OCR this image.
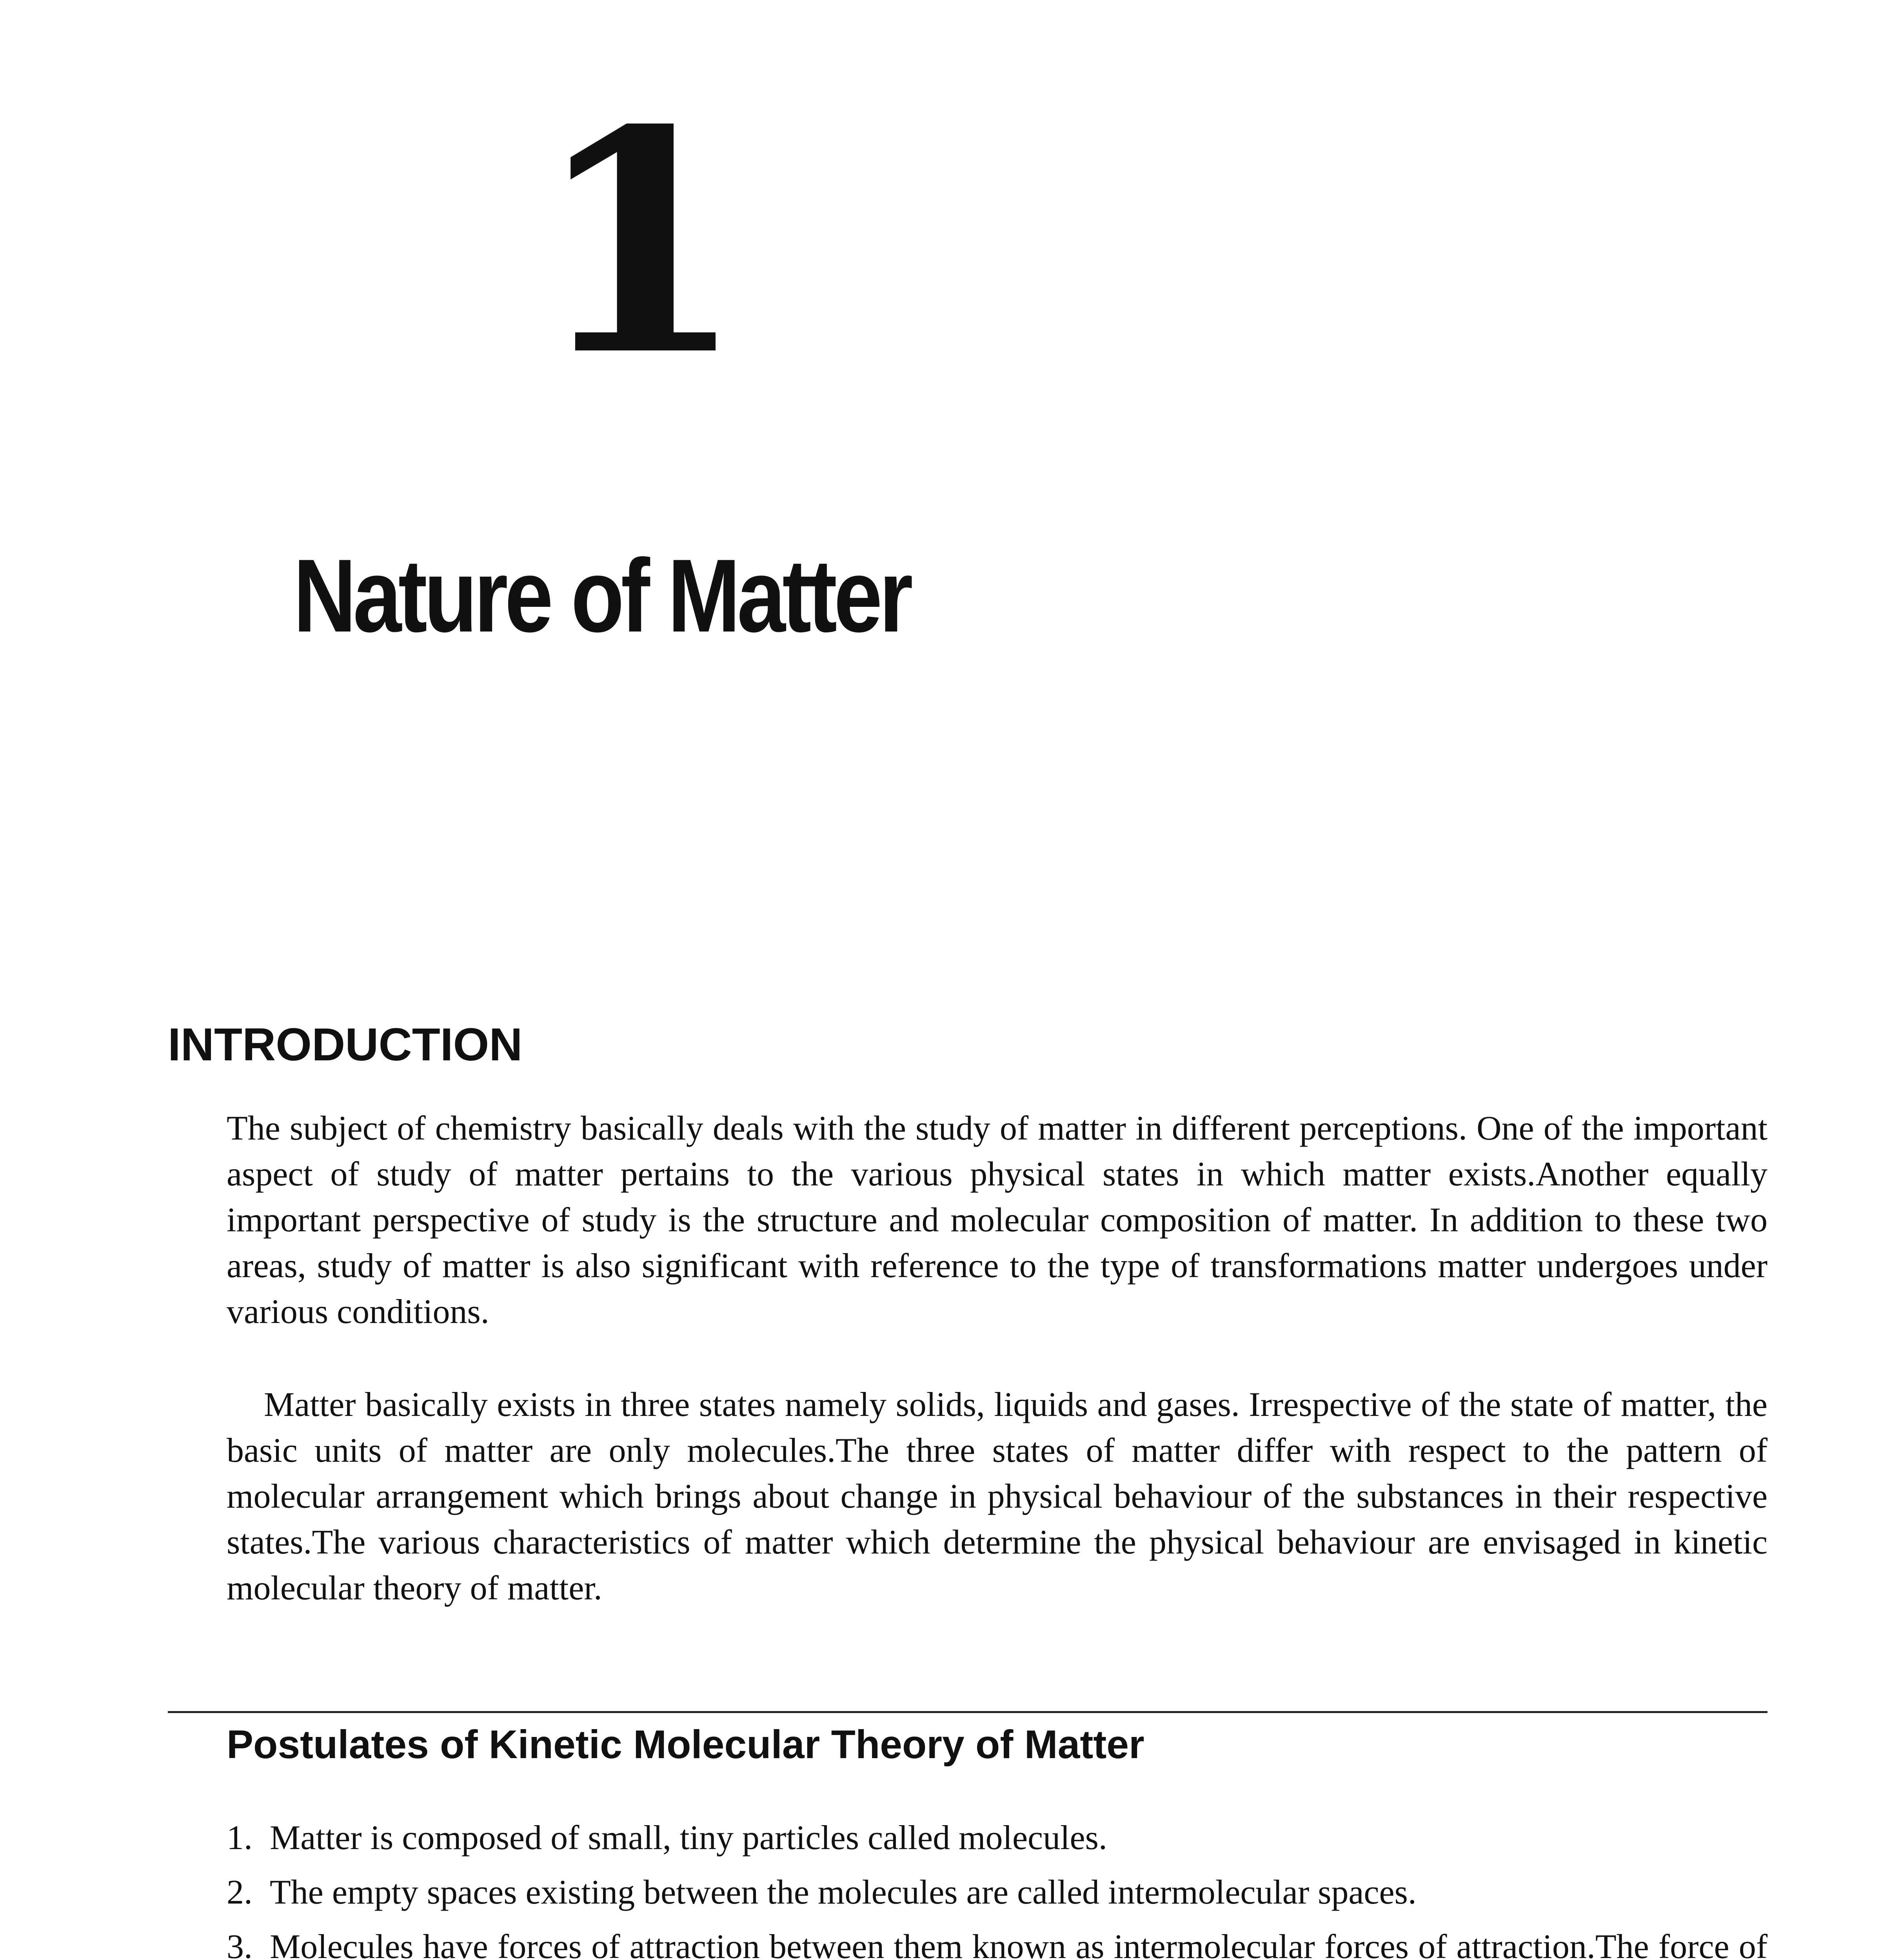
1
Nature of Matter
INTRODUCTION

The subject of chemistry basically deals with the study of matter in different perceptions. One of the important aspect of study of matter pertains to the various physical states in which matter exists.Another equally important perspective of study is the structure and molecular composition of matter. In addition to these two areas, study of matter is also significant with reference to the type of transformations matter undergoes under various conditions.

Matter basically exists in three states namely solids, liquids and gases. Irrespective of the state of matter, the basic units of matter are only molecules.The three states of matter differ with respect to the pattern of molecular arrangement which brings about change in physical behaviour of the substances in their respective states.The various characteristics of matter which determine the physical behaviour are envisaged in kinetic molecular theory of matter.

Postulates of Kinetic Molecular Theory of Matter
1. Matter is composed of small, tiny particles called molecules.
2. The empty spaces existing between the molecules are called intermolecular spaces.
3. Molecules have forces of attraction between them known as intermolecular forces of attraction.The force of
